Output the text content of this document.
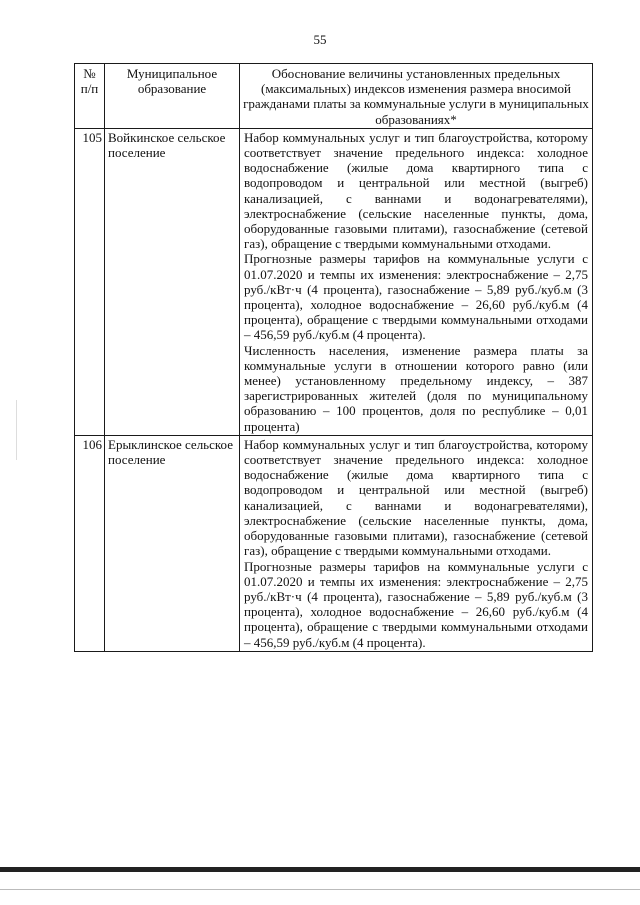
55
№ п/п	Муниципальное образование	Обоснование величины установленных предельных (максимальных) индексов изменения размера вносимой гражданами платы за коммунальные услуги в муниципальных образованиях*
105	Войкинское сельское поселение	Набор коммунальных услуг и тип благоустройства, которому соответствует значение предельного индекса: холодное водоснабжение (жилые дома квартирного типа с водопроводом и центральной или местной (выгреб) канализацией, с ваннами и водонагревателями), электроснабжение (сельские населенные пункты, дома, оборудованные газовыми плитами), газоснабжение (сетевой газ), обращение с твердыми коммунальными отходами.

Прогнозные размеры тарифов на коммунальные услуги с 01.07.2020 и темпы их изменения: электроснабжение – 2,75 руб./кВт·ч (4 процента), газоснабжение – 5,89 руб./куб.м (3 процента), холодное водоснабжение – 26,60 руб./куб.м (4 процента), обращение с твердыми коммунальными отходами – 456,59 руб./куб.м (4 процента).

Численность населения, изменение размера платы за коммунальные услуги в отношении которого равно (или менее) установленному предельному индексу, – 387 зарегистрированных жителей (доля по муниципальному образованию – 100 процентов, доля по республике – 0,01 процента)

106	Ерыклинское сельское поселение	Набор коммунальных услуг и тип благоустройства, которому соответствует значение предельного индекса: холодное водоснабжение (жилые дома квартирного типа с водопроводом и центральной или местной (выгреб) канализацией, с ваннами и водонагревателями), электроснабжение (сельские населенные пункты, дома, оборудованные газовыми плитами), газоснабжение (сетевой газ), обращение с твердыми коммунальными отходами.

Прогнозные размеры тарифов на коммунальные услуги с 01.07.2020 и темпы их изменения: электроснабжение – 2,75 руб./кВт·ч (4 процента), газоснабжение – 5,89 руб./куб.м (3 процента), холодное водоснабжение – 26,60 руб./куб.м (4 процента), обращение с твердыми коммунальными отходами – 456,59 руб./куб.м (4 процента).
